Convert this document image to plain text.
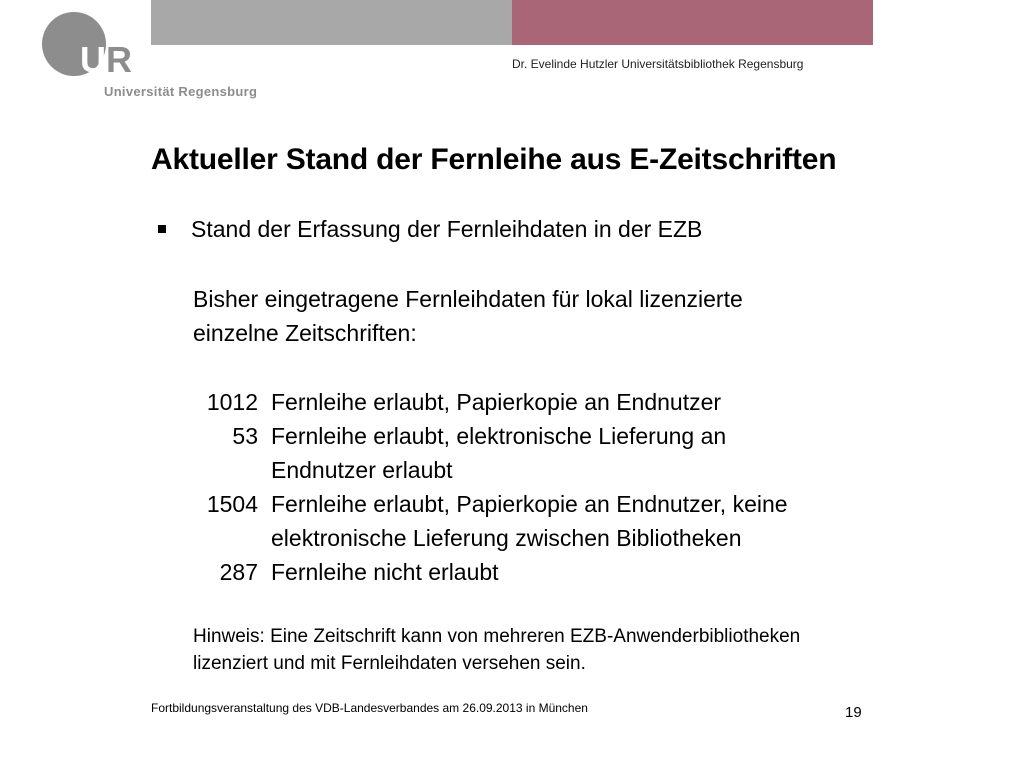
U R
Universität Regensburg
Dr. Evelinde Hutzler Universitätsbibliothek Regensburg
Aktueller Stand der Fernleihe aus E-Zeitschriften
Stand der Erfassung der Fernleihdaten in der EZB
Bisher eingetragene Fernleihdaten für lokal lizenzierte
einzelne Zeitschriften:
1012 Fernleihe erlaubt, Papierkopie an Endnutzer
53 Fernleihe erlaubt, elektronische Lieferung an
Endnutzer erlaubt
1504 Fernleihe erlaubt, Papierkopie an Endnutzer, keine
elektronische Lieferung zwischen Bibliotheken
287 Fernleihe nicht erlaubt
Hinweis: Eine Zeitschrift kann von mehreren EZB-Anwenderbibliotheken
lizenziert und mit Fernleihdaten versehen sein.
Fortbildungsveranstaltung des VDB-Landesverbandes am 26.09.2013 in München	19
